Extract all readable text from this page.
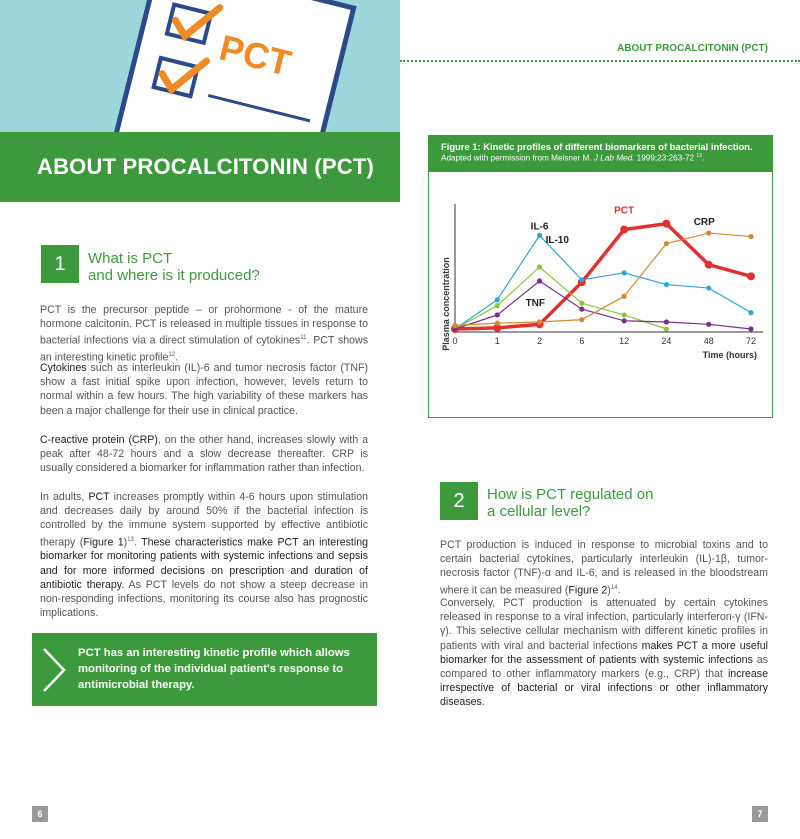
PCT
ABOUT PROCALCITONIN (PCT)
1	What is PCT
and where is it produced?

PCT is the precursor peptide – or prohormone - of the mature hormone calcitonin. PCT is released in multiple tissues in response to bacterial infections via a direct stimulation of cytokines$^{11}$. PCT shows an interesting kinetic profile$^{12}$.

Cytokines such as interleukin (IL)-6 and tumor necrosis factor (TNF) show a fast initial spike upon infection, however, levels return to normal within a few hours. The high variability of these markers has been a major challenge for their use in clinical practice.

C-reactive protein (CRP), on the other hand, increases slowly with a peak after 48-72 hours and a slow decrease thereafter. CRP is usually considered a biomarker for inflammation rather than infection.

In adults, PCT increases promptly within 4-6 hours upon stimulation and decreases daily by around 50% if the bacterial infection is controlled by the immune system supported by effective antibiotic therapy (Figure 1)$^{13}$. These characteristics make PCT an interesting biomarker for monitoring patients with systemic infections and sepsis and for more informed decisions on prescription and duration of antibiotic therapy. As PCT levels do not show a steep decrease in non-responding infections, monitoring its course also has prognostic implications.

PCT has an interesting kinetic profile which allows monitoring of the individual patient's response to antimicrobial therapy.
6
ABOUT PROCALCITONIN (PCT)
Figure 1: Kinetic profiles of different biomarkers of bacterial infection.
Adapted with permission from Meisner M. J Lab Med. 1999;23:263-72 $^{13}$.
Plasma concentration 0	1	2	6	12	24	48	72
PCT
IL-6
IL-10
TNF
CRP
Time (hours)
2	How is PCT regulated on
a cellular level?

PCT production is induced in response to microbial toxins and to certain bacterial cytokines, particularly interleukin (IL)-1β, tumor-necrosis factor (TNF)-α and IL-6, and is released in the bloodstream where it can be measured (Figure 2)$^{14}$.

Conversely, PCT production is attenuated by certain cytokines released in response to a viral infection, particularly interferon-γ (IFN-γ). This selective cellular mechanism with different kinetic profiles in patients with viral and bacterial infections makes PCT a more useful biomarker for the assessment of patients with systemic infections as compared to other inflammatory markers (e.g., CRP) that increase irrespective of bacterial or viral infections or other inflammatory diseases.

7
